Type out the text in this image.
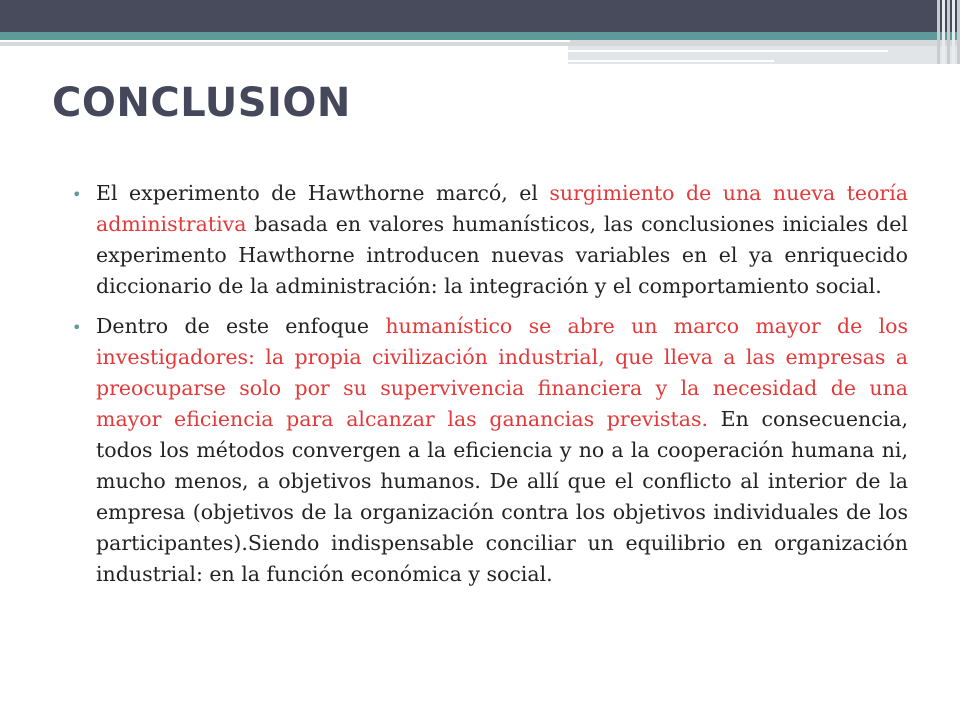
CONCLUSION
• El experimento de Hawthorne marcó, el surgimiento de una nueva teoría administrativa basada en valores humanísticos, las conclusiones iniciales del experimento Hawthorne introducen nuevas variables en el ya enriquecido diccionario de la administración: la integración y el comportamiento social.
• Dentro de este enfoque humanístico se abre un marco mayor de los investigadores: la propia civilización industrial, que lleva a las empresas a preocuparse solo por su supervivencia financiera y la necesidad de una mayor eficiencia para alcanzar las ganancias previstas. En consecuencia, todos los métodos convergen a la eficiencia y no a la cooperación humana ni, mucho menos, a objetivos humanos. De allí que el conflicto al interior de la empresa (objetivos de la organización contra los objetivos individuales de los participantes).Siendo indispensable conciliar un equilibrio en organización industrial: en la función económica y social.
